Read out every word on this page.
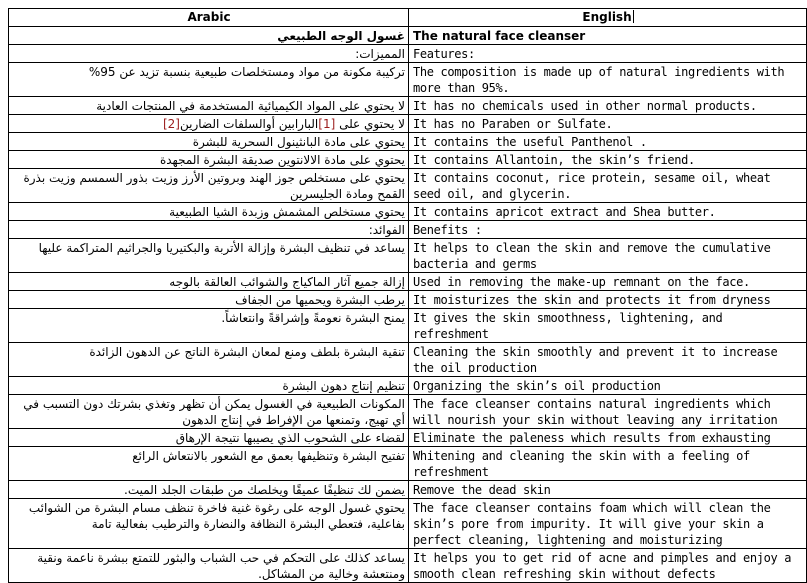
Arabic	English
غسول الوجه الطبيعي	The natural face cleanser
المميزات:	Features:
تركيبة مكونة من مواد ومستخلصات طبيعية بنسبة تزيد عن 95%	The composition is made up of natural ingredients with more than 95%.
لا يحتوي على المواد الكيميائية المستخدمة في المنتجات العادية	It has no chemicals used in other normal products.
لا يحتوي على [1]البارابين أوالسلفات الضارين[2]	It has no Paraben or Sulfate.
يحتوي على مادة البانثينول السحرية للبشرة	It contains the useful Panthenol .
يحتوي على مادة الالانتوين صديقة البشرة المجهدة	It contains Allantoin, the skin’s friend.
يحتوي على مستخلص جوز الهند وبروتين الأرز وزيت بذور السمسم وزيت بذرة القمح ومادة الجليسرين	It contains coconut, rice protein, sesame oil, wheat seed oil, and glycerin.
يحتوي مستخلص المشمش وزبدة الشيا الطبيعية	It contains apricot extract and Shea butter.
الفوائد:	Benefits :
يساعد في تنظيف البشرة وإزالة الأتربة والبكتيريا والجراثيم المتراكمة عليها	It helps to clean the skin and remove the cumulative bacteria and germs
إزالة جميع آثار الماكياج والشوائب العالقة بالوجه	Used in removing the make-up remnant on the face.
يرطب البشرة ويحميها من الجفاف	It moisturizes the skin and protects it from dryness
يمنح البشرة نعومةً وإشراقةً وانتعاشاً.	It gives the skin smoothness, lightening, and refreshment
تنقية البشرة بلطف ومنع لمعان البشرة الناتج عن الدهون الزائدة	Cleaning the skin smoothly and prevent it to increase the oil production
تنظيم إنتاج دهون البشرة	Organizing the skin’s oil production
المكونات الطبيعية في الغسول يمكن أن تظهر وتغذي بشرتك دون التسبب في أي تهيج، وتمنعها من الإفراط في إنتاج الدهون	The face cleanser contains natural ingredients which will nourish your skin without leaving any irritation
لقضاء على الشحوب الذي يصيبها نتيجة الإرهاق	Eliminate the paleness which results from exhausting
تفتيح البشرة وتنظيفها بعمق مع الشعور بالانتعاش الرائع	Whitening and cleaning the skin with a feeling of refreshment
يضمن لك تنظيفًا عميقًا ويخلصك من طبقات الجلد الميت.	Remove the dead skin
يحتوي غسول الوجه على رغوة غنية فاخرة تنظف مسام البشرة من الشوائب بفاعلية، فتعطي البشرة النظافة والنضارة والترطيب بفعالية تامة	The face cleanser contains foam which will clean the skin’s pore from impurity. It will give your skin a perfect cleaning, lightening and moisturizing
يساعد كذلك على التحكم في حب الشباب والبثور للتمتع ببشرة ناعمة ونقية ومنتعشة وخالية من المشاكل.	It helps you to get rid of acne and pimples and enjoy a smooth clean refreshing skin without defects
